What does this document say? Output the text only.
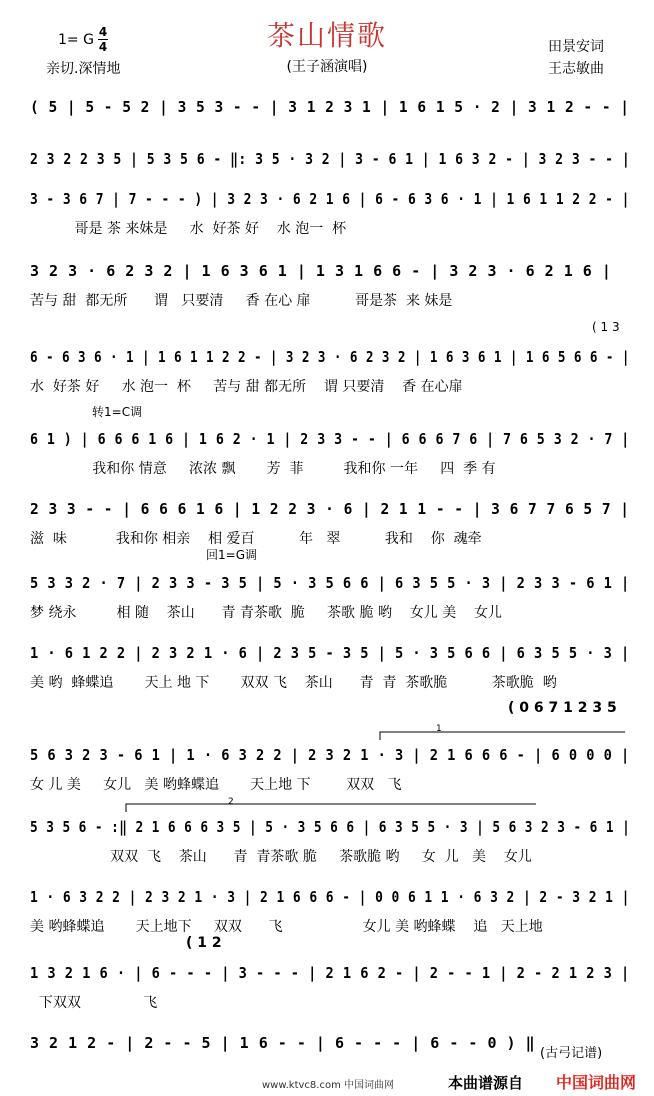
茶山情歌
1= G 4
4
亲切.深情地	(王子涵演唱)
田景安词
王志敏曲
( 5 | 5 - 5 2 | 3 5 3 - - | 3 1 2 3 1 | 1 6 1 5 · 2 | 3 1 2 - - |
2 3 2 2 3 5 | 5 3 5 6 - ‖: 3 5 · 3 2 | 3 - 6 1 | 1 6 3 2 - | 3 2 3 - - |
3 - 3 6 7 | 7 - - - ) | 3 2 3 · 6 2 1 6 | 6 - 6 3 6 · 1 | 1 6 1 1 2 2 - |
哥是 茶 来妹是     水  好茶 好    水 泡一  杯
3 2 3 · 6 2 3 2 | 1 6 3 6 1 | 1 3 1 6 6 - | 3 2 3 · 6 2 1 6 |
苦与 甜  都无所      谓   只要清     香 在心 扉          哥是茶  来 妹是
6 - 6 3 6 · 1 | 1 6 1 1 2 2 - | 3 2 3 · 6 2 3 2 | 1 6 3 6 1 | 1 6 5 6 6 - |
水  好茶 好     水 泡一  杯     苦与 甜 都无所    谓 只要清    香 在心扉
6 1 ) | 6 6 6 1 6 | 1 6 2 · 1 | 2 3 3 - - | 6 6 6 7 6 | 7 6 5 3 2 · 7 |
我和你 情意     浓浓 飘       芳  菲         我和你 一年     四  季 有
2 3 3 - - | 6 6 6 1 6 | 1 2 2 3 · 6 | 2 1 1 - - | 3 6 7 7 6 5 7 |
滋  味           我和你 相亲    相 爱百          年   翠          我和    你  魂牵
5 3 3 2 · 7 | 2 3 3 - 3 5 | 5 · 3 5 6 6 | 6 3 5 5 · 3 | 2 3 3 - 6 1 |
梦 绕永         相 随    茶山      青 青茶歌  脆     茶歌 脆 哟    女儿 美    女儿
1 · 6 1 2 2 | 2 3 2 1 · 6 | 2 3 5 - 3 5 | 5 · 3 5 6 6 | 6 3 5 5 · 3 |
美 哟  蜂蝶追       天上 地 下       双双 飞    茶山      青  青  茶歌脆          茶歌脆  哟
5 6 3 2 3 - 6 1 | 1 · 6 3 2 2 | 2 3 2 1 · 3 | 2 1 6 6 6 - | 6 0 0 0 |
女 儿 美     女儿   美 哟蜂蝶追       天上地 下        双双   飞
5 3 5 6 - :‖ 2 1 6 6 6 3 5 | 5 · 3 5 6 6 | 6 3 5 5 · 3 | 5 6 3 2 3 - 6 1 |
双双  飞    茶山      青  青茶歌 脆     茶歌脆 哟     女  儿   美    女儿
1 · 6 3 2 2 | 2 3 2 1 · 3 | 2 1 6 6 6 - | 0 0 6 1 1 · 6 3 2 | 2 - 3 2 1 |
美 哟蜂蝶追       天上地下     双双      飞                  女儿 美 哟蜂蝶    追   天上地
1 3 2 1 6 · | 6 - - - | 3 - - - | 2 1 6 2 - | 2 - - 1 | 2 - 2 1 2 3 |
下双双              飞
3 2 1 2 - | 2 - - 5 | 1 6 - - | 6 - - - | 6 - - 0 ) ‖
( 1 3
转1=C调
回1=G调
( 0 6 7 1 2 3 5
1
2
( 1 2
(古弓记谱)
www.ktvc8.com 中国词曲网	本曲谱源自 中国词曲网
